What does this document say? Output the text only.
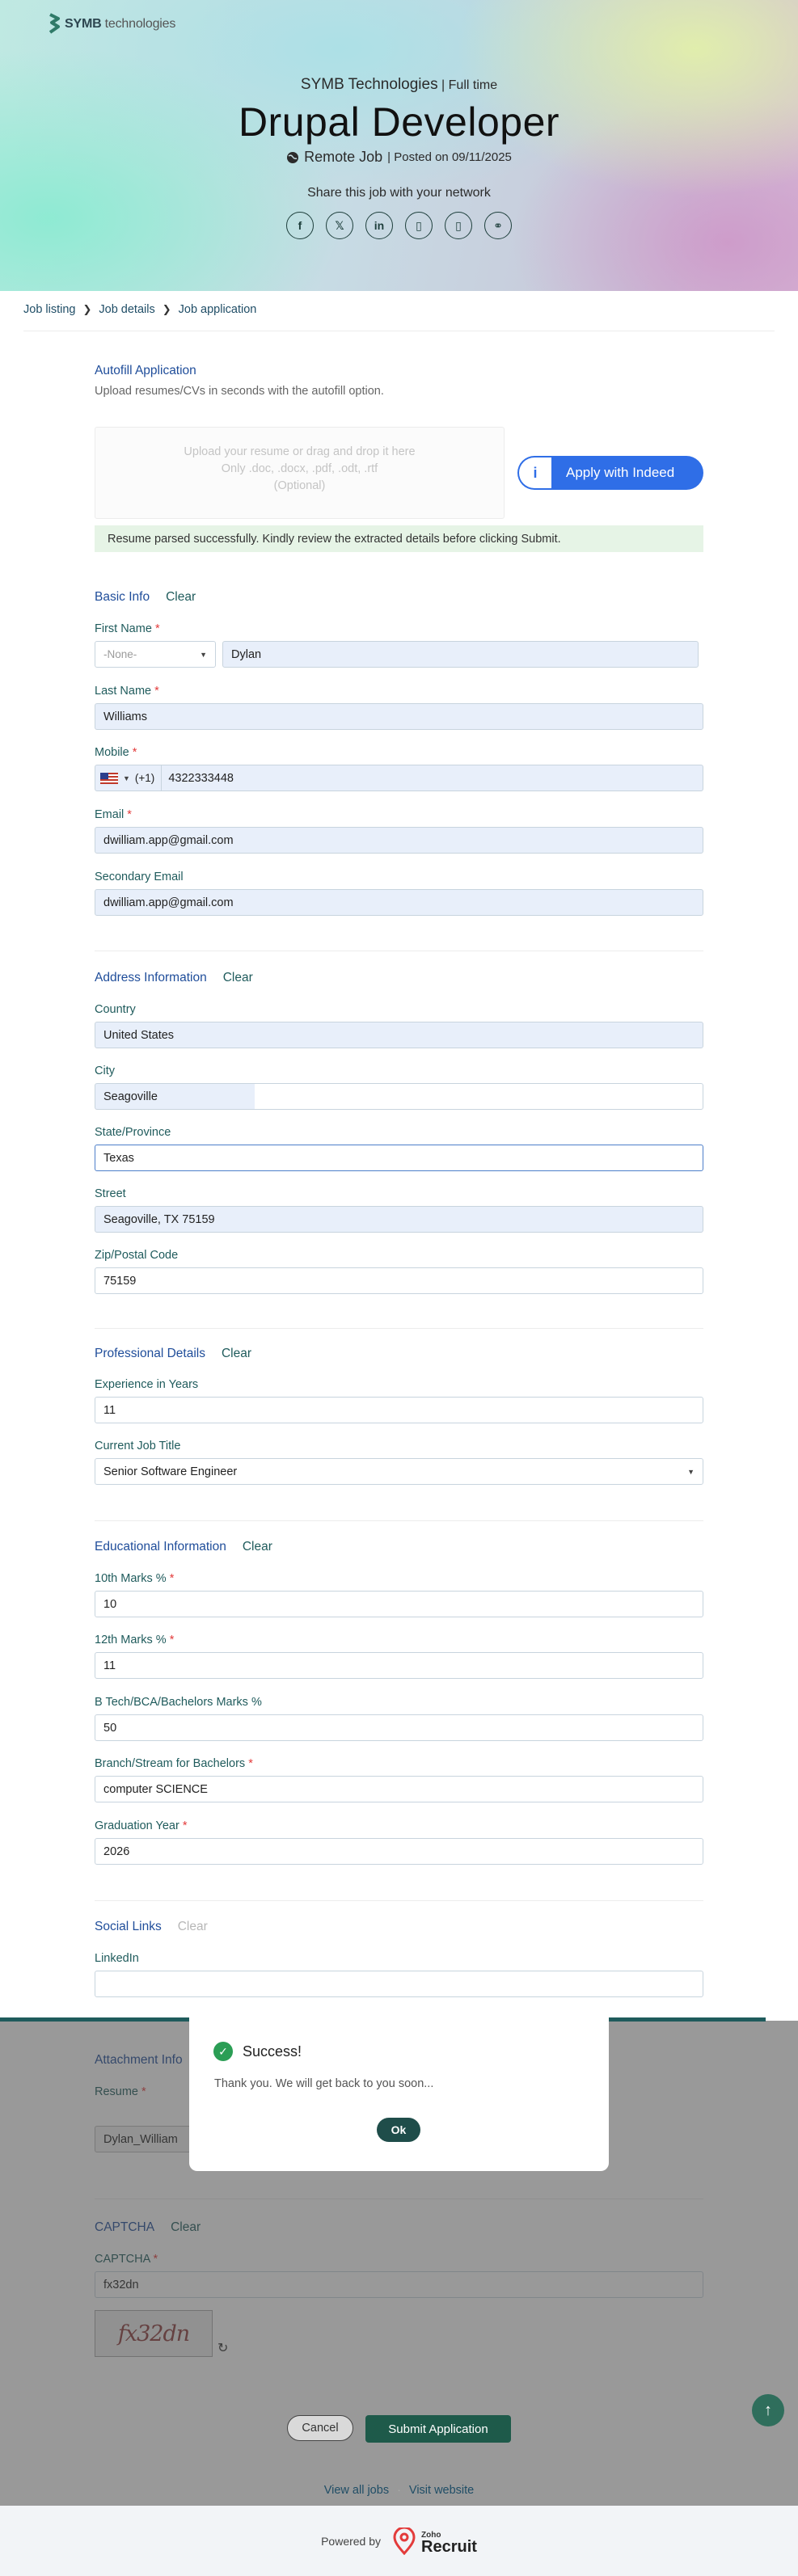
SYMB technologies
SYMB Technologies | Full time
Drupal Developer
Remote Job | Posted on 09/11/2025
Share this job with your network
f	𝕏	in	▯	▯	⚭
Job listing ❯ Job details ❯ Job application
Autofill Application
Upload resumes/CVs in seconds with the autofill option.
Upload your resume or drag and drop it here
Only .doc, .docx, .pdf, .odt, .rtf
(Optional)
i	Apply with Indeed
Resume parsed successfully. Kindly review the extracted details before clicking Submit.
Basic Info Clear
First Name *
-None-	▼	Dylan
Last Name *
Williams
Mobile *
▼ (+1) 4322333448
Email *
dwilliam.app@gmail.com
Secondary Email
dwilliam.app@gmail.com
Address Information Clear
Country
United States
City
Seagoville
State/Province
Texas
Street
Seagoville, TX 75159
Zip/Postal Code
75159
Professional Details Clear
Experience in Years
11
Current Job Title
Senior Software Engineer	▼
Educational Information Clear
10th Marks % *
10
12th Marks % *
11
B Tech/BCA/Bachelors Marks %
50
Branch/Stream for Bachelors *
computer SCIENCE
Graduation Year *
2026
Social Links Clear
LinkedIn
↑
Cancel	Submit Application
✓	Success!
Thank you. We will get back to you soon...
Ok
View all jobs · Visit website
Powered by	Zoho
Recruit
